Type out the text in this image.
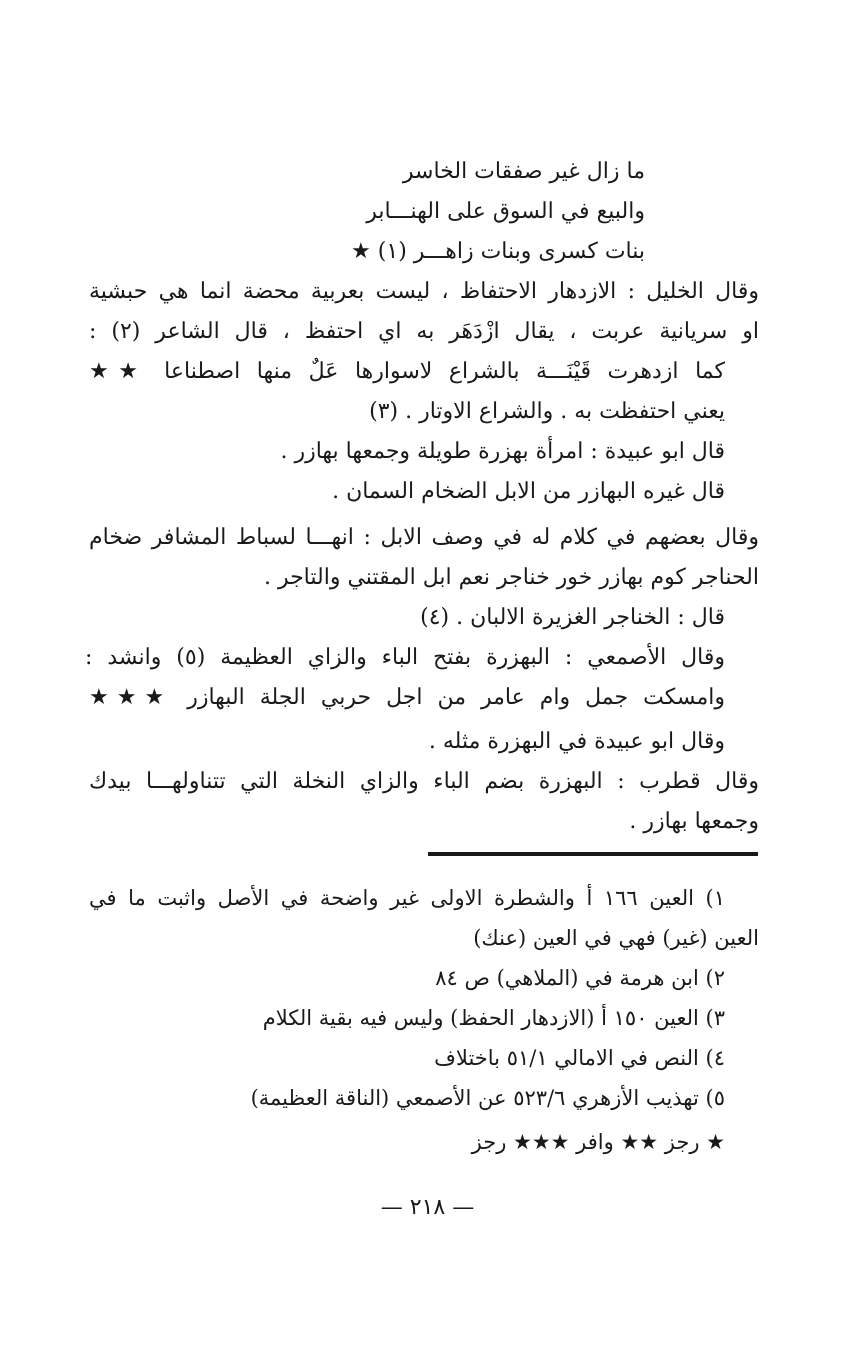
ما زال غير صفقات الخاسر
والبيع في السوق على الهنـــابر
بنات كسرى وبنات زاهـــر (١) ★
وقال الخليل : الازدهار الاحتفاظ ، ليست بعربية محضة انما هي حبشية
او سريانية عربت ، يقال ازْدَهَر به اي احتفظ ، قال الشاعر (٢) :
كما ازدهرت قَيْنَـــة بالشراع لاسوارها عَلٌ منها اصطناعا ★★
يعني احتفظت به . والشراع الاوتار . (٣)
قال ابو عبيدة : امرأة بهزرة طويلة وجمعها بهازر .
قال غيره البهازر من الابل الضخام السمان .
وقال بعضهم في كلام له في وصف الابل : انهـــا لسباط المشافر ضخام
الحناجر كوم بهازر خور خناجر نعم ابل المقتني والتاجر .
قال : الخناجر الغزيرة الالبان . (٤)
وقال الأصمعي : البهزرة بفتح الباء والزاي العظيمة (٥) وانشد :
وامسكت جمل وام عامر من اجل حربي الجلة البهازر ★★★
وقال ابو عبيدة في البهزرة مثله .
وقال قطرب : البهزرة بضم الباء والزاي النخلة التي تتناولهـــا بيدك
وجمعها بهازر .
١) العين ١٦٦ أ والشطرة الاولى غير واضحة في الأصل واثبت ما في
العين (غير) فهي في العين (عنك)
٢) ابن هرمة في (الملاهي) ص ٨٤
٣) العين ١٥٠ أ (الازدهار الحفظ) وليس فيه بقية الكلام
٤) النص في الامالي ٥١/١ باختلاف
٥) تهذيب الأزهري ٥٢٣/٦ عن الأصمعي (الناقة العظيمة)
★ رجز ★★ وافر ★★★ رجز
— ٢١٨ —
